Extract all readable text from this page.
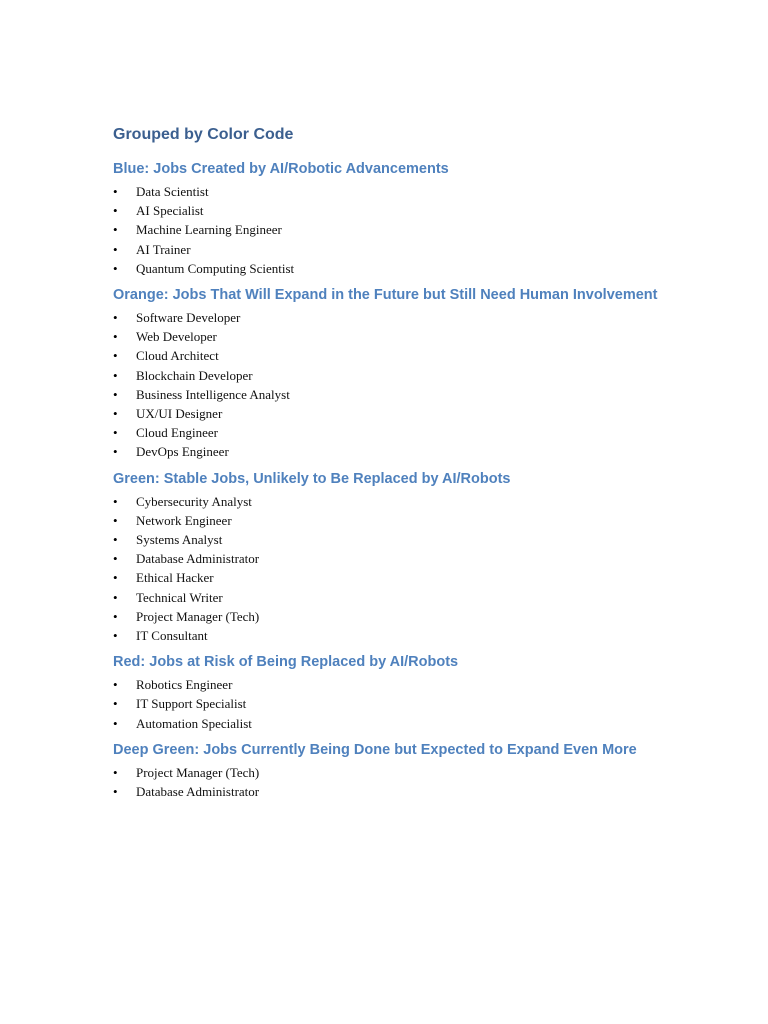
Grouped by Color Code
Blue: Jobs Created by AI/Robotic Advancements
• Data Scientist
• AI Specialist
• Machine Learning Engineer
• AI Trainer
• Quantum Computing Scientist
Orange: Jobs That Will Expand in the Future but Still Need Human Involvement
• Software Developer
• Web Developer
• Cloud Architect
• Blockchain Developer
• Business Intelligence Analyst
• UX/UI Designer
• Cloud Engineer
• DevOps Engineer
Green: Stable Jobs, Unlikely to Be Replaced by AI/Robots
• Cybersecurity Analyst
• Network Engineer
• Systems Analyst
• Database Administrator
• Ethical Hacker
• Technical Writer
• Project Manager (Tech)
• IT Consultant
Red: Jobs at Risk of Being Replaced by AI/Robots
• Robotics Engineer
• IT Support Specialist
• Automation Specialist
Deep Green: Jobs Currently Being Done but Expected to Expand Even More
• Project Manager (Tech)
• Database Administrator
